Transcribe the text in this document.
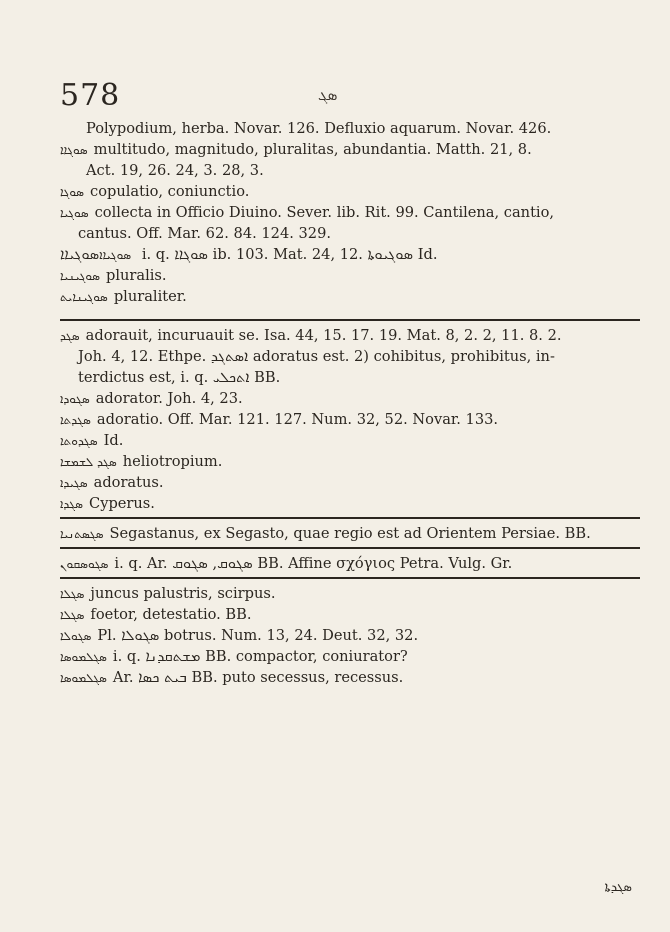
578	ܣܓ
Polypodium, herba. Novar. 126. Defluxio aquarum. Novar. 426.
ܣܘܓܐܐ multitudo, magnitudo, pluralitas, abundantia. Matth. 21, 8.
Act. 19, 26. 24, 3. 28, 3.
ܣܘܓܐ copulatio, coniunctio.
ܣܘܓܝܐ collecta in Officio Diuino. Sever. lib. Rit. 99. Cantilena, cantio,
cantus. Off. Mar. 62. 84. 124. 329.
ܣܘܓܝܐܐܣܘܓܝܐܐ i. q. ܣܘܓܐܐ ib. 103. Mat. 24, 12. ܣܘܓܝܘܬܐ Id.
ܣܘܓܝܢܝܐ pluralis.
ܣܘܓܝܢܐܝܬ pluraliter.
ܣܓܕ adorauit, incuruauit se. Isa. 44, 15. 17. 19. Mat. 8, 2. 2, 11. 8. 2.
Joh. 4, 12. Ethpe. ܐܣܬܓܕ adoratus est. 2) cohibitus, prohibitus, in-
terdictus est, i. q. ܐܬܟܠܝ BB.
ܣܓܘܕܐ adorator. Joh. 4, 23.
ܣܓܕܬܐ adoratio. Off. Mar. 121. 127. Num. 32, 52. Novar. 133.
ܣܓܕܘܬܐ Id.
ܣܓܕ ܠܫܡܫܐ heliotropium.
ܣܓܝܕܐ adoratus.
ܣܓܕܐ Cyperus.
ܣܓܣܬܢܝܐ Segastanus, ex Segasto, quae regio est ad Orientem Persiae. BB.
ܣܓܘܣܩܘܢ i. q. Ar. ܣܓܘܩ, ܣܓܘܩ BB. Affine σχόγιος Petra. Vulg. Gr.
ܣܓܠܐ juncus palustris, scirpus.
ܣܓܠܐ foetor, detestatio. BB.
ܣܓܘܠܐ Pl. ܣܓܘܠܐ botrus. Num. 13, 24. Deut. 32, 32.
ܣܓܠܡܘܣܐ i. q. ܡܫܬܩܕܢܐ BB. compactor, coniurator?
ܣܓܠܡܘܣܐ Ar. ܒܝܬ ܟܣܐ BB. puto secessus, recessus.
ܣܓܕܬܐ
